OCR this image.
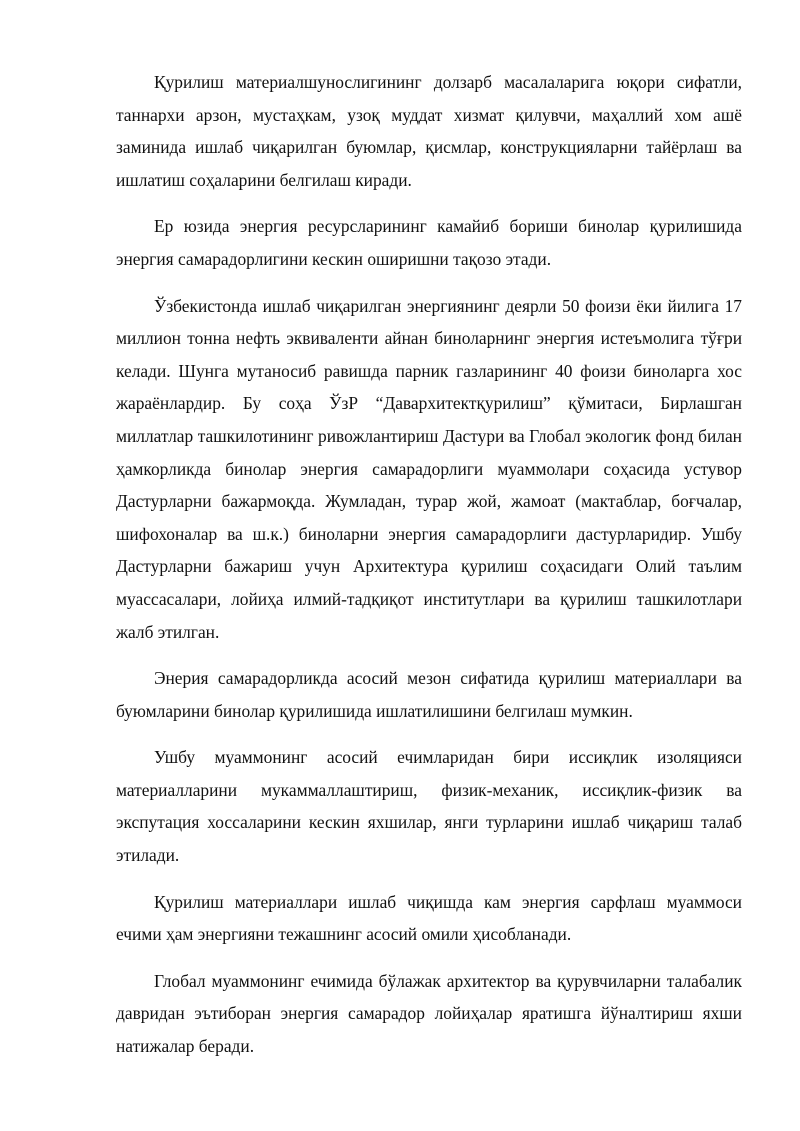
Қурилиш материалшунослигининг долзарб масалаларига юқори сифатли, таннархи арзон, мустаҳкам, узоқ муддат хизмат қилувчи, маҳаллий хом ашё заминида ишлаб чиқарилган буюмлар, қисмлар, конструкцияларни тайёрлаш ва ишлатиш соҳаларини белгилаш киради.

Ер юзида энергия ресурсларининг камайиб бориши бинолар қурилишида энергия самарадорлигини кескин оширишни тақозо этади.

Ўзбекистонда ишлаб чиқарилган энергиянинг деярли 50 фоизи ёки йилига 17 миллион тонна нефть эквиваленти айнан биноларнинг энергия истеъмолига тўғри келади. Шунга мутаносиб равишда парник газларининг 40 фоизи биноларга хос жараёнлардир. Бу соҳа ЎзР “Даварxитектқурилиш” қўмитаси, Бирлашган миллатлар ташкилотининг ривожлантириш Дастури ва Глобал экологик фонд билан ҳамкорликда бинолар энергия самарадорлиги муаммолари соҳасида устувор Дастурларни бажармоқда. Жумладан, турар жой, жамоат (мактаблар, боғчалар, шифохоналар ва ш.к.) биноларни энергия самарадорлиги дастурларидир. Ушбу Дастурларни бажариш учун Архитектура қурилиш соҳасидаги Олий таълим муассасалари, лойиҳа илмий-тадқиқот институтлари ва қурилиш ташкилотлари жалб этилган.

Энерия самарадорликда асосий мезон сифатида қурилиш материаллари ва буюмларини бинолар қурилишида ишлатилишини белгилаш мумкин.

Ушбу муаммонинг асосий ечимларидан бири иссиқлик изоляцияси материалларини мукаммаллаштириш, физик-механик, иссиқлик-физик ва экспутация хоссаларини кескин яхшилар, янги турларини ишлаб чиқариш талаб этилади.

Қурилиш материаллари ишлаб чиқишда кам энергия сарфлаш муаммоси ечими ҳам энергияни тежашнинг асосий омили ҳисобланади.

Глобал муаммонинг ечимида бўлажак архитектор ва қурувчиларни талабалик давридан эътиборан энергия самарадор лойиҳалар яратишга йўналтириш яхши натижалар беради.
